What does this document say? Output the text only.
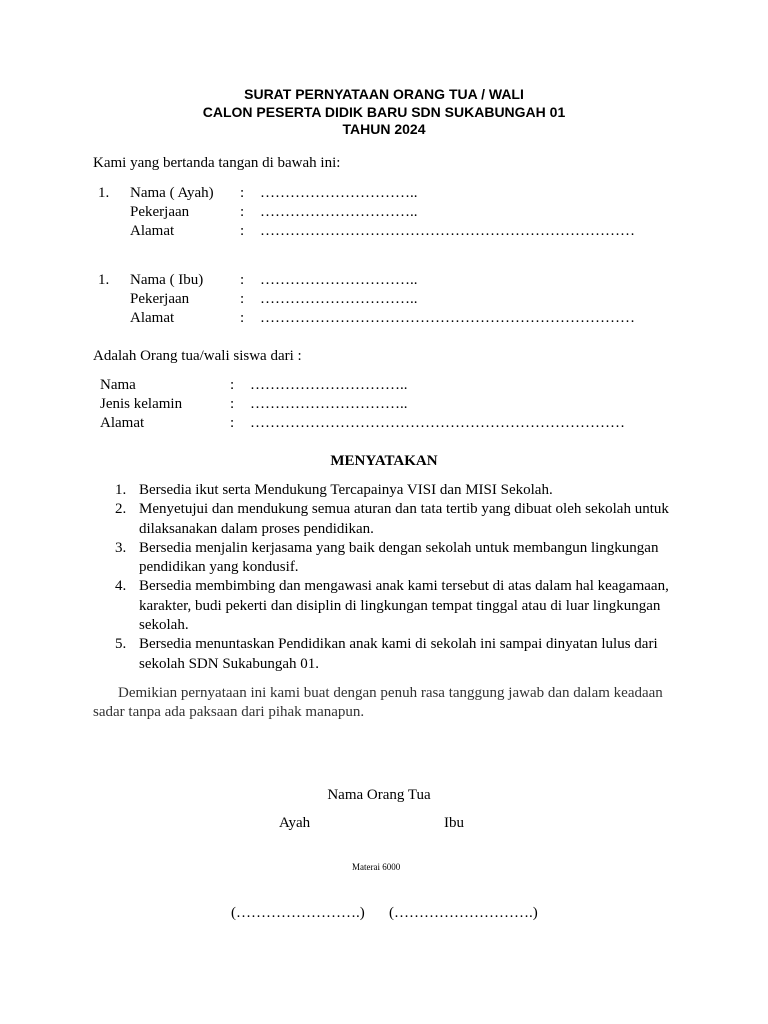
SURAT PERNYATAAN ORANG TUA / WALI
CALON PESERTA DIDIK BARU SDN SUKABUNGAH 01
TAHUN 2024
Kami yang bertanda tangan di bawah ini:
1. Nama ( Ayah) : …………………………..
Pekerjaan	: …………………………..
Alamat	: …………………………………………………………………
1. Nama ( Ibu) : …………………………..
Pekerjaan	: …………………………..
Alamat	: …………………………………………………………………
Adalah Orang tua/wali siswa dari :
Nama	: …………………………..
Jenis kelamin	: …………………………..
Alamat	: …………………………………………………………………
MENYATAKAN
1. Bersedia ikut serta Mendukung Tercapainya VISI dan MISI Sekolah.
2. Menyetujui dan mendukung semua aturan dan tata tertib yang dibuat oleh sekolah untuk dilaksanakan dalam proses pendidikan.
3. Bersedia menjalin kerjasama yang baik dengan sekolah untuk membangun lingkungan pendidikan yang kondusif.
4. Bersedia membimbing dan mengawasi anak kami tersebut di atas dalam hal keagamaan, karakter, budi pekerti dan disiplin di lingkungan tempat tinggal atau di luar lingkungan sekolah.
5. Bersedia menuntaskan Pendidikan anak kami di sekolah ini sampai dinyatan lulus dari sekolah SDN Sukabungah 01.
Demikian pernyataan ini kami buat dengan penuh rasa tanggung jawab dan dalam keadaan sadar tanpa ada paksaan dari pihak manapun.
Nama Orang Tua
Ayah	Ibu
Materai 6000
(…………………….) (……………………….)
